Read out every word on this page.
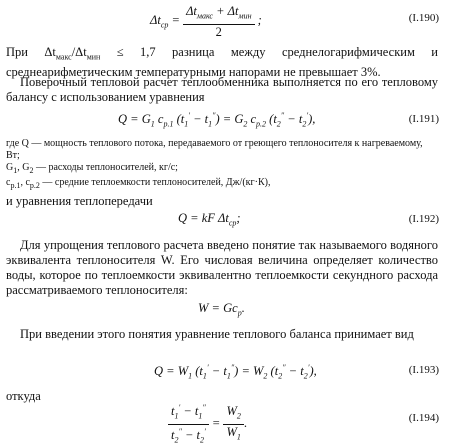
$\Delta t_{ср} = \frac{\Delta t_{макс} + \Delta t_{мин}}{2}$ ;	(I.190)
При $\Delta t_{макс}/\Delta t_{мин} \le 1,7$ разница между среднелогарифмическим и среднеарифметическим температурными напорами не превышает 3%.
Поверочный тепловой расчет теплообменника выполняется по его тепловому балансу с использованием уравнения
$Q = G_1$ $c_{p.1}$ $(t_1' - t_1'') = G_2$ $c_{p.2}$ $(t_2'' - t_2')$,	(I.191)
где Q — мощность теплового потока, передаваемого от греющего теплоносителя к нагреваемому, Вт;
$G_1$, $G_2$ — расходы теплоносителей, кг/с;
$c_{p.1}$, $c_{p.2}$ — средние теплоемкости теплоносителей, Дж/(кг·К),
и уравнения теплопередачи
Q = kF $\Delta t_{ср}$;	(I.192)
Для упрощения теплового расчета введено понятие так называемого водяного эквивалента теплоносителя W. Его числовая величина определяет количество воды, которое по теплоемкости эквивалентно теплоемкости секундного расхода рассматриваемого теплоносителя:
$W = Gc_p$.
При введении этого понятия уравнение теплового баланса принимает вид
$Q = W_1$ $(t_1' - t_1'') = W_2$ $(t_2'' - t_2')$,	(I.193)
откуда
$\frac{t_1' - t_1''}{t_2'' - t_2'} = \frac{W_2}{W_1}$ .	(I.194)
